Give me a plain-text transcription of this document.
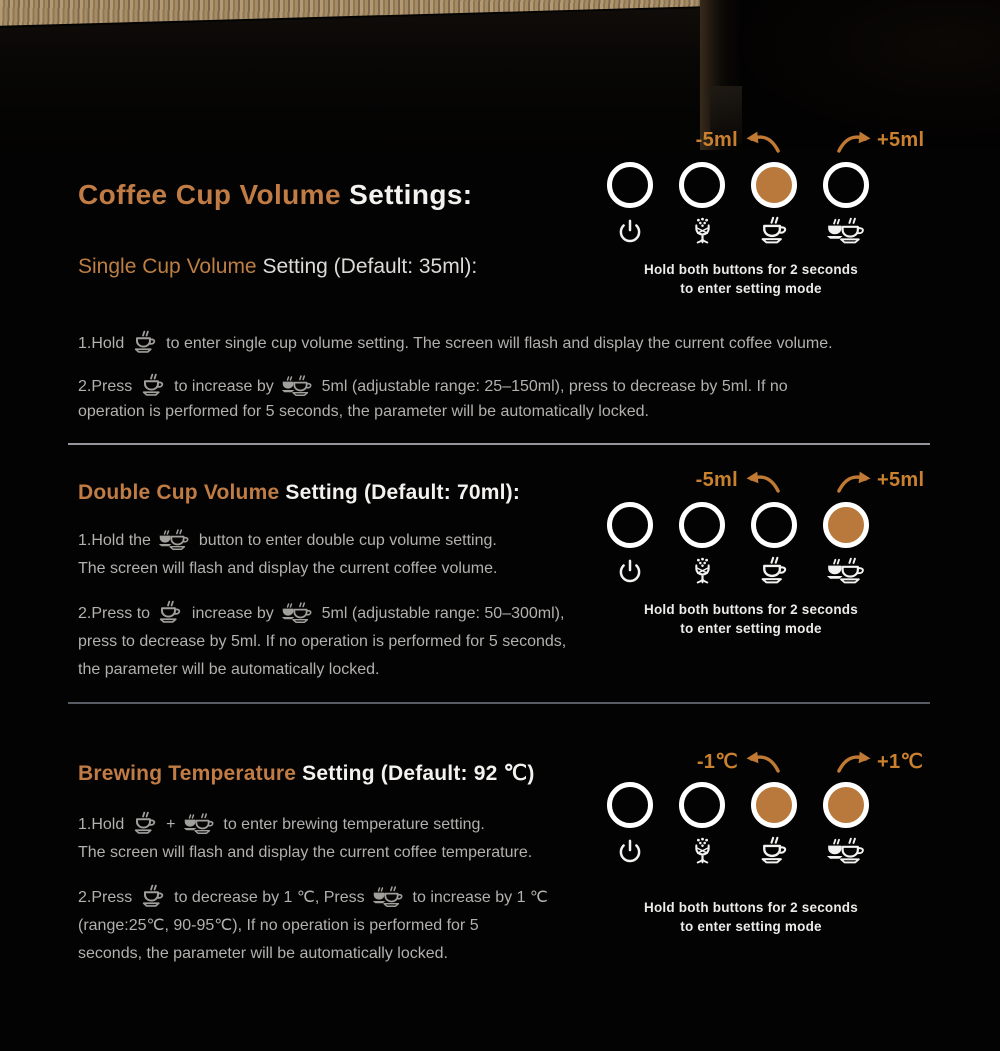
Coffee Cup Volume Settings:
Single Cup Volume Setting (Default: 35ml):

1.Hold  to enter single cup volume setting. The screen will flash and display the current coffee volume.

2.Press  to increase by  5ml (adjustable range: 25–150ml), press to decrease by 5ml. If no
operation is performed for 5 seconds, the parameter will be automatically locked.

Double Cup Volume Setting (Default: 70ml):

1.Hold the  button to enter double cup volume setting.
The screen will flash and display the current coffee volume.

2.Press to  increase by  5ml (adjustable range: 50–300ml),
press to decrease by 5ml. If no operation is performed for 5 seconds,
the parameter will be automatically locked.

Brewing Temperature Setting (Default: 92 ℃)

1.Hold  +  to enter brewing temperature setting.
The screen will flash and display the current coffee temperature.

2.Press  to decrease by 1 ℃, Press  to increase by 1 ℃
(range:25℃, 90-95℃), If no operation is performed for 5
seconds, the parameter will be automatically locked.

-5ml	+5ml
Hold both buttons for 2 seconds
to enter setting mode
-5ml	+5ml
Hold both buttons for 2 seconds
to enter setting mode
-1℃	+1℃
Hold both buttons for 2 seconds
to enter setting mode
